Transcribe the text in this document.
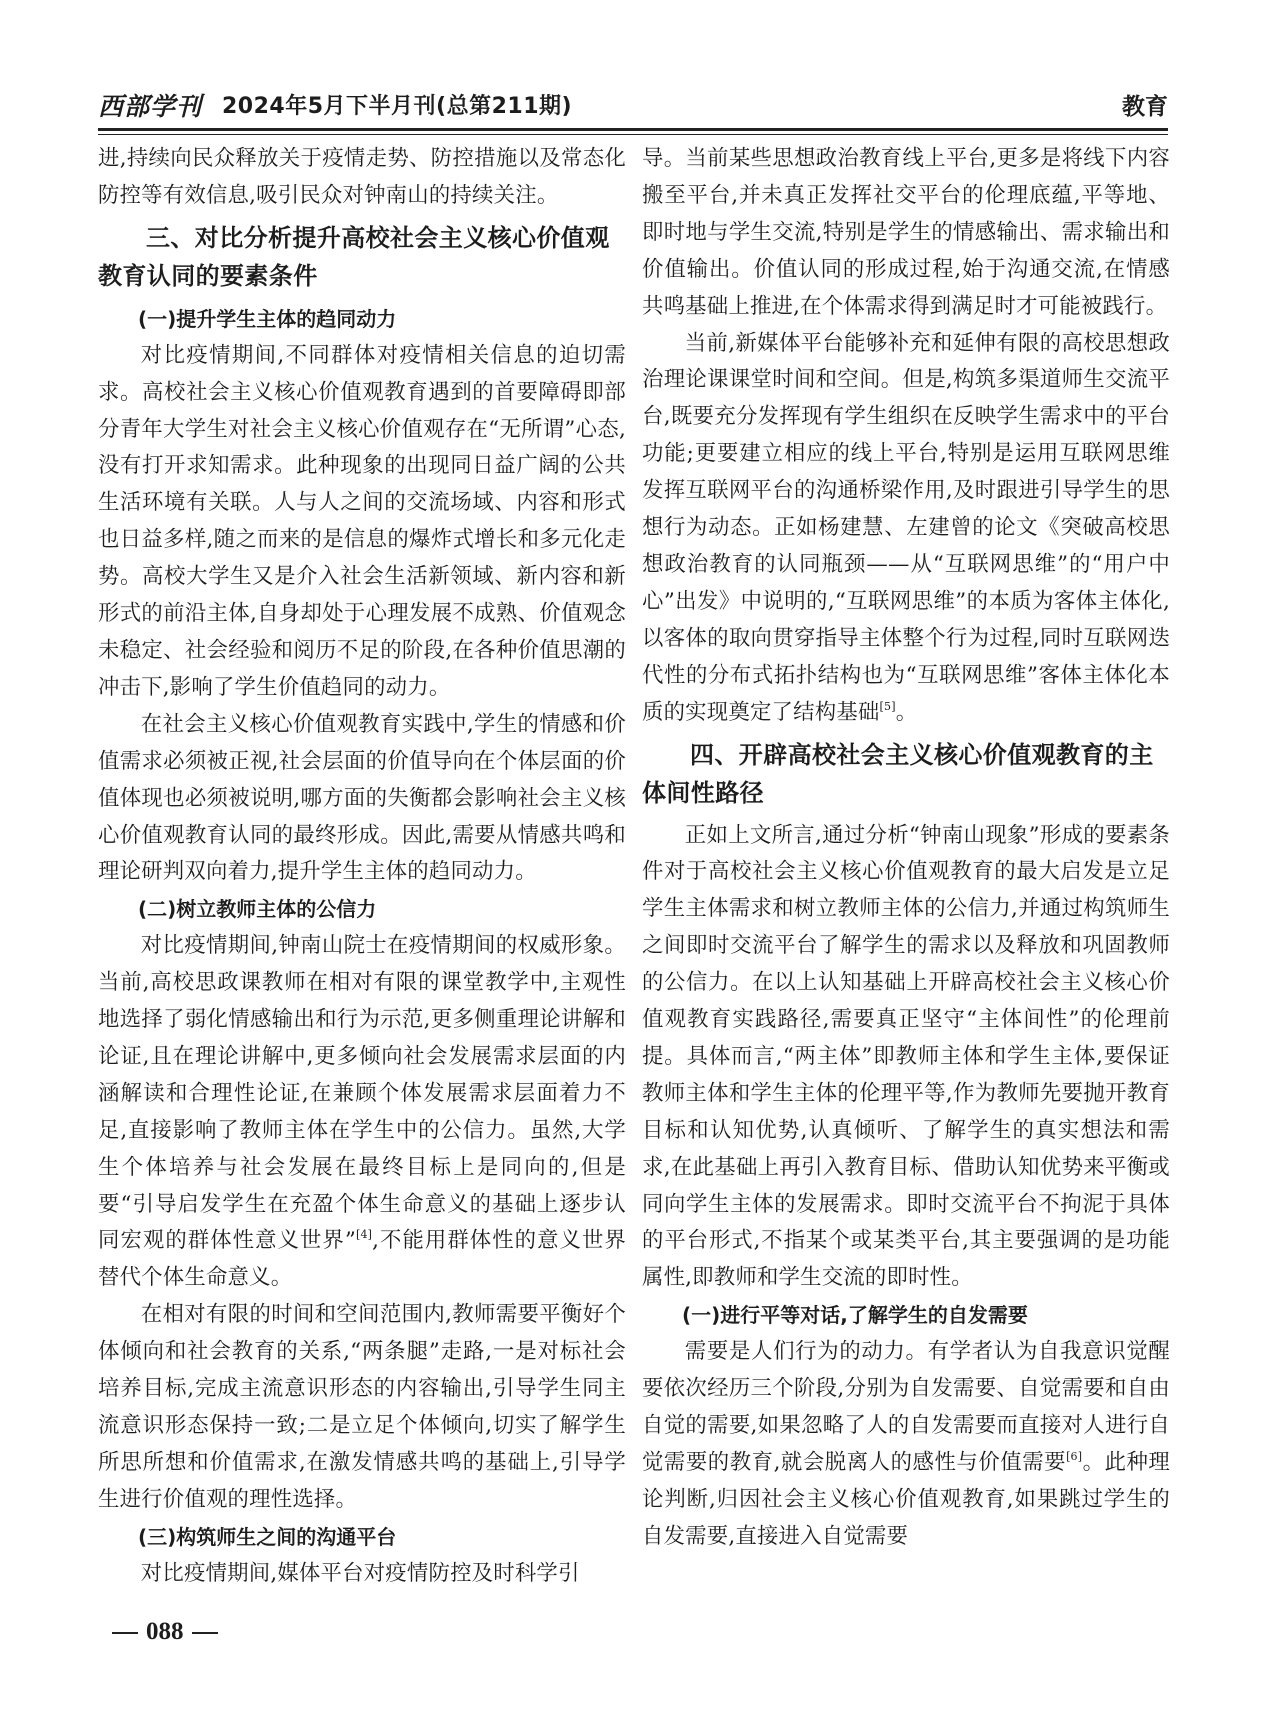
西部学刊 2024年5月下半月刊(总第211期)	教育

进,持续向民众释放关于疫情走势、防控措施以及常态化防控等有效信息,吸引民众对钟南山的持续关注。

三、对比分析提升高校社会主义核心价值观教育认同的要素条件
(一)提升学生主体的趋同动力

对比疫情期间,不同群体对疫情相关信息的迫切需求。高校社会主义核心价值观教育遇到的首要障碍即部分青年大学生对社会主义核心价值观存在“无所谓”心态,没有打开求知需求。此种现象的出现同日益广阔的公共生活环境有关联。人与人之间的交流场域、内容和形式也日益多样,随之而来的是信息的爆炸式增长和多元化走势。高校大学生又是介入社会生活新领域、新内容和新形式的前沿主体,自身却处于心理发展不成熟、价值观念未稳定、社会经验和阅历不足的阶段,在各种价值思潮的冲击下,影响了学生价值趋同的动力。

在社会主义核心价值观教育实践中,学生的情感和价值需求必须被正视,社会层面的价值导向在个体层面的价值体现也必须被说明,哪方面的失衡都会影响社会主义核心价值观教育认同的最终形成。因此,需要从情感共鸣和理论研判双向着力,提升学生主体的趋同动力。

(二)树立教师主体的公信力

对比疫情期间,钟南山院士在疫情期间的权威形象。当前,高校思政课教师在相对有限的课堂教学中,主观性地选择了弱化情感输出和行为示范,更多侧重理论讲解和论证,且在理论讲解中,更多倾向社会发展需求层面的内涵解读和合理性论证,在兼顾个体发展需求层面着力不足,直接影响了教师主体在学生中的公信力。虽然,大学生个体培养与社会发展在最终目标上是同向的,但是要“引导启发学生在充盈个体生命意义的基础上逐步认同宏观的群体性意义世界”[4],不能用群体性的意义世界替代个体生命意义。

在相对有限的时间和空间范围内,教师需要平衡好个体倾向和社会教育的关系,“两条腿”走路,一是对标社会培养目标,完成主流意识形态的内容输出,引导学生同主流意识形态保持一致;二是立足个体倾向,切实了解学生所思所想和价值需求,在激发情感共鸣的基础上,引导学生进行价值观的理性选择。

(三)构筑师生之间的沟通平台

对比疫情期间,媒体平台对疫情防控及时科学引

导。当前某些思想政治教育线上平台,更多是将线下内容搬至平台,并未真正发挥社交平台的伦理底蕴,平等地、即时地与学生交流,特别是学生的情感输出、需求输出和价值输出。价值认同的形成过程,始于沟通交流,在情感共鸣基础上推进,在个体需求得到满足时才可能被践行。

当前,新媒体平台能够补充和延伸有限的高校思想政治理论课课堂时间和空间。但是,构筑多渠道师生交流平台,既要充分发挥现有学生组织在反映学生需求中的平台功能;更要建立相应的线上平台,特别是运用互联网思维发挥互联网平台的沟通桥梁作用,及时跟进引导学生的思想行为动态。正如杨建慧、左建曾的论文《突破高校思想政治教育的认同瓶颈——从“互联网思维”的“用户中心”出发》中说明的,“互联网思维”的本质为客体主体化,以客体的取向贯穿指导主体整个行为过程,同时互联网迭代性的分布式拓扑结构也为“互联网思维”客体主体化本质的实现奠定了结构基础[5]。

四、开辟高校社会主义核心价值观教育的主体间性路径

正如上文所言,通过分析“钟南山现象”形成的要素条件对于高校社会主义核心价值观教育的最大启发是立足学生主体需求和树立教师主体的公信力,并通过构筑师生之间即时交流平台了解学生的需求以及释放和巩固教师的公信力。在以上认知基础上开辟高校社会主义核心价值观教育实践路径,需要真正坚守“主体间性”的伦理前提。具体而言,“两主体”即教师主体和学生主体,要保证教师主体和学生主体的伦理平等,作为教师先要抛开教育目标和认知优势,认真倾听、了解学生的真实想法和需求,在此基础上再引入教育目标、借助认知优势来平衡或同向学生主体的发展需求。即时交流平台不拘泥于具体的平台形式,不指某个或某类平台,其主要强调的是功能属性,即教师和学生交流的即时性。

(一)进行平等对话,了解学生的自发需要

需要是人们行为的动力。有学者认为自我意识觉醒要依次经历三个阶段,分别为自发需要、自觉需要和自由自觉的需要,如果忽略了人的自发需要而直接对人进行自觉需要的教育,就会脱离人的感性与价值需要[6]。此种理论判断,归因社会主义核心价值观教育,如果跳过学生的自发需要,直接进入自觉需要

088
